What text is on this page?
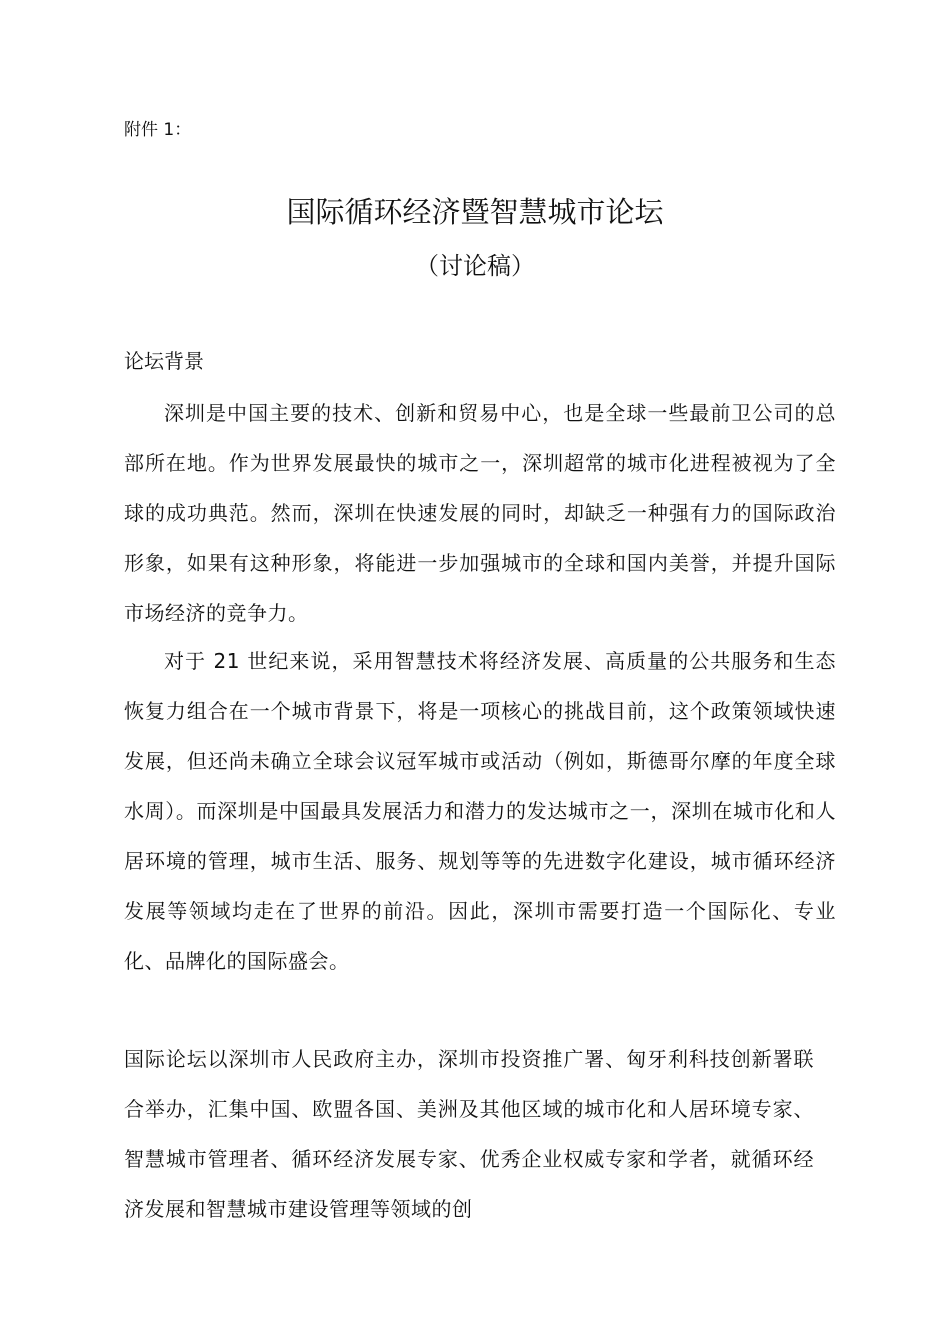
附件 1：
国际循环经济暨智慧城市论坛
（讨论稿）
论坛背景

深圳是中国主要的技术、创新和贸易中心，也是全球一些最前卫公司的总部所在地。作为世界发展最快的城市之一，深圳超常的城市化进程被视为了全球的成功典范。然而，深圳在快速发展的同时，却缺乏一种强有力的国际政治形象，如果有这种形象，将能进一步加强城市的全球和国内美誉，并提升国际市场经济的竞争力。

对于 21 世纪来说，采用智慧技术将经济发展、高质量的公共服务和生态恢复力组合在一个城市背景下，将是一项核心的挑战目前，这个政策领域快速发展，但还尚未确立全球会议冠军城市或活动（例如，斯德哥尔摩的年度全球水周）。而深圳是中国最具发展活力和潜力的发达城市之一，深圳在城市化和人居环境的管理，城市生活、服务、规划等等的先进数字化建设，城市循环经济发展等领域均走在了世界的前沿。因此，深圳市需要打造一个国际化、专业化、品牌化的国际盛会。

国际论坛以深圳市人民政府主办，深圳市投资推广署、匈牙利科技创新署联合举办，汇集中国、欧盟各国、美洲及其他区域的城市化和人居环境专家、智慧城市管理者、循环经济发展专家、优秀企业权威专家和学者，就循环经济发展和智慧城市建设管理等领域的创
